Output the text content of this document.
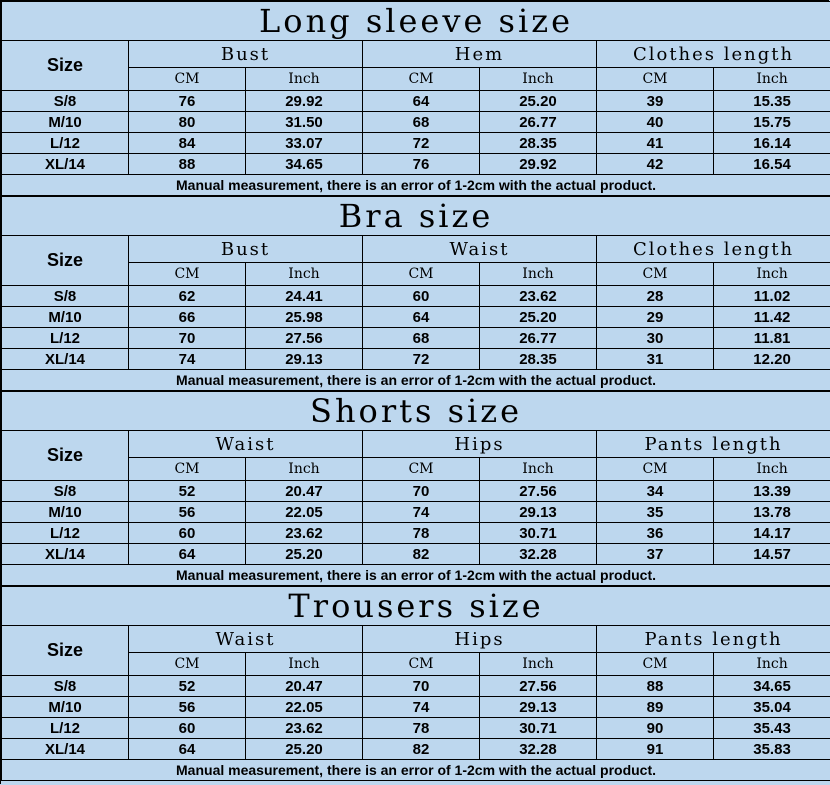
Long sleeve size						
Size	Bust		Hem		Clothes length	
	CM	Inch	CM	Inch	CM	Inch
S/8	76	29.92	64	25.20	39	15.35
M/10	80	31.50	68	26.77	40	15.75
L/12	84	33.07	72	28.35	41	16.14
XL/14	88	34.65	76	29.92	42	16.54
Manual measurement, there is an error of 1-2cm with the actual product.						
Bra size						
Size	Bust		Waist		Clothes length	
	CM	Inch	CM	Inch	CM	Inch
S/8	62	24.41	60	23.62	28	11.02
M/10	66	25.98	64	25.20	29	11.42
L/12	70	27.56	68	26.77	30	11.81
XL/14	74	29.13	72	28.35	31	12.20
Manual measurement, there is an error of 1-2cm with the actual product.						
Shorts size						
Size	Waist		Hips		Pants length	
	CM	Inch	CM	Inch	CM	Inch
S/8	52	20.47	70	27.56	34	13.39
M/10	56	22.05	74	29.13	35	13.78
L/12	60	23.62	78	30.71	36	14.17
XL/14	64	25.20	82	32.28	37	14.57
Manual measurement, there is an error of 1-2cm with the actual product.						
Trousers size						
Size	Waist		Hips		Pants length	
	CM	Inch	CM	Inch	CM	Inch
S/8	52	20.47	70	27.56	88	34.65
M/10	56	22.05	74	29.13	89	35.04
L/12	60	23.62	78	30.71	90	35.43
XL/14	64	25.20	82	32.28	91	35.83
Manual measurement, there is an error of 1-2cm with the actual product.						
